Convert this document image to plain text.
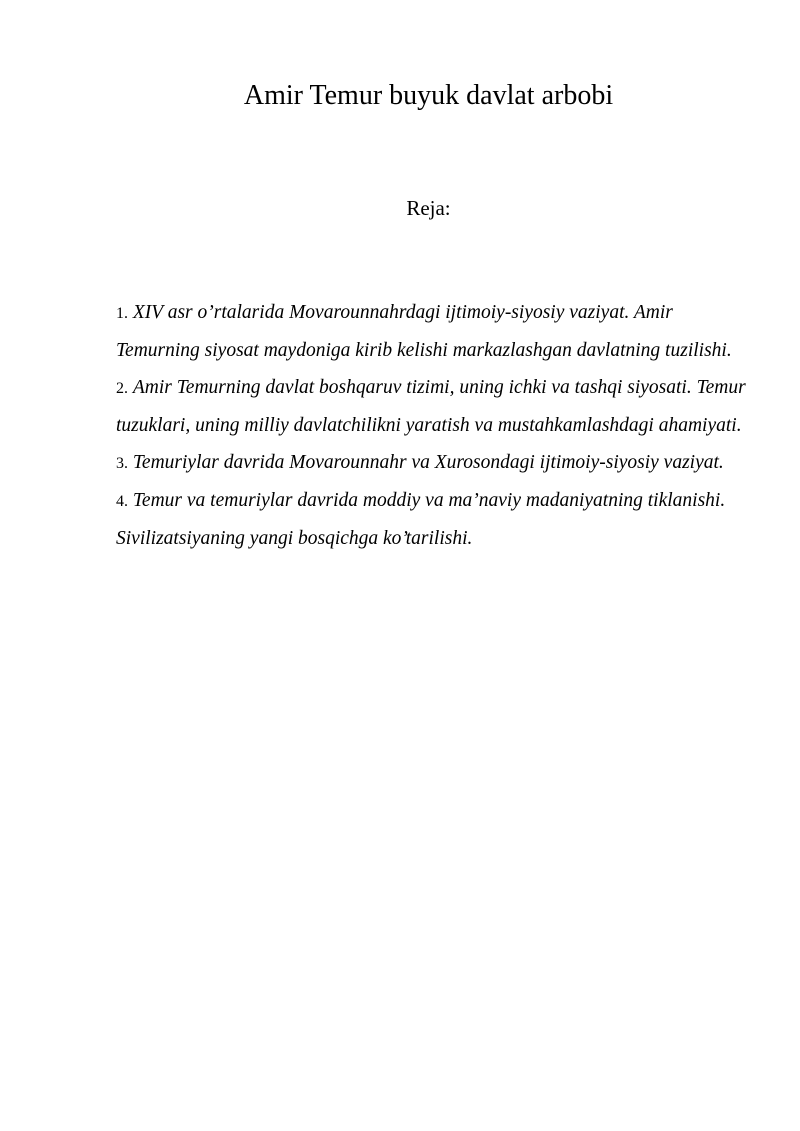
Amir Temur buyuk davlat arbobi
Reja:
1. XIV asr o’rtalarida Movarounnahrdagi ijtimoiy-siyosiy vaziyat. Amir Temurning siyosat maydoniga kirib kelishi markazlashgan davlatning tuzilishi.
2. Amir Temurning davlat boshqaruv tizimi, uning ichki va tashqi siyosati. Temur tuzuklari, uning milliy davlatchilikni yaratish va mustahkamlashdagi ahamiyati.
3. Temuriylar davrida Movarounnahr va Xurosondagi ijtimoiy-siyosiy vaziyat.
4. Temur va temuriylar davrida moddiy va ma’naviy madaniyatning tiklanishi. Sivilizatsiyaning yangi bosqichga ko’tarilishi.
